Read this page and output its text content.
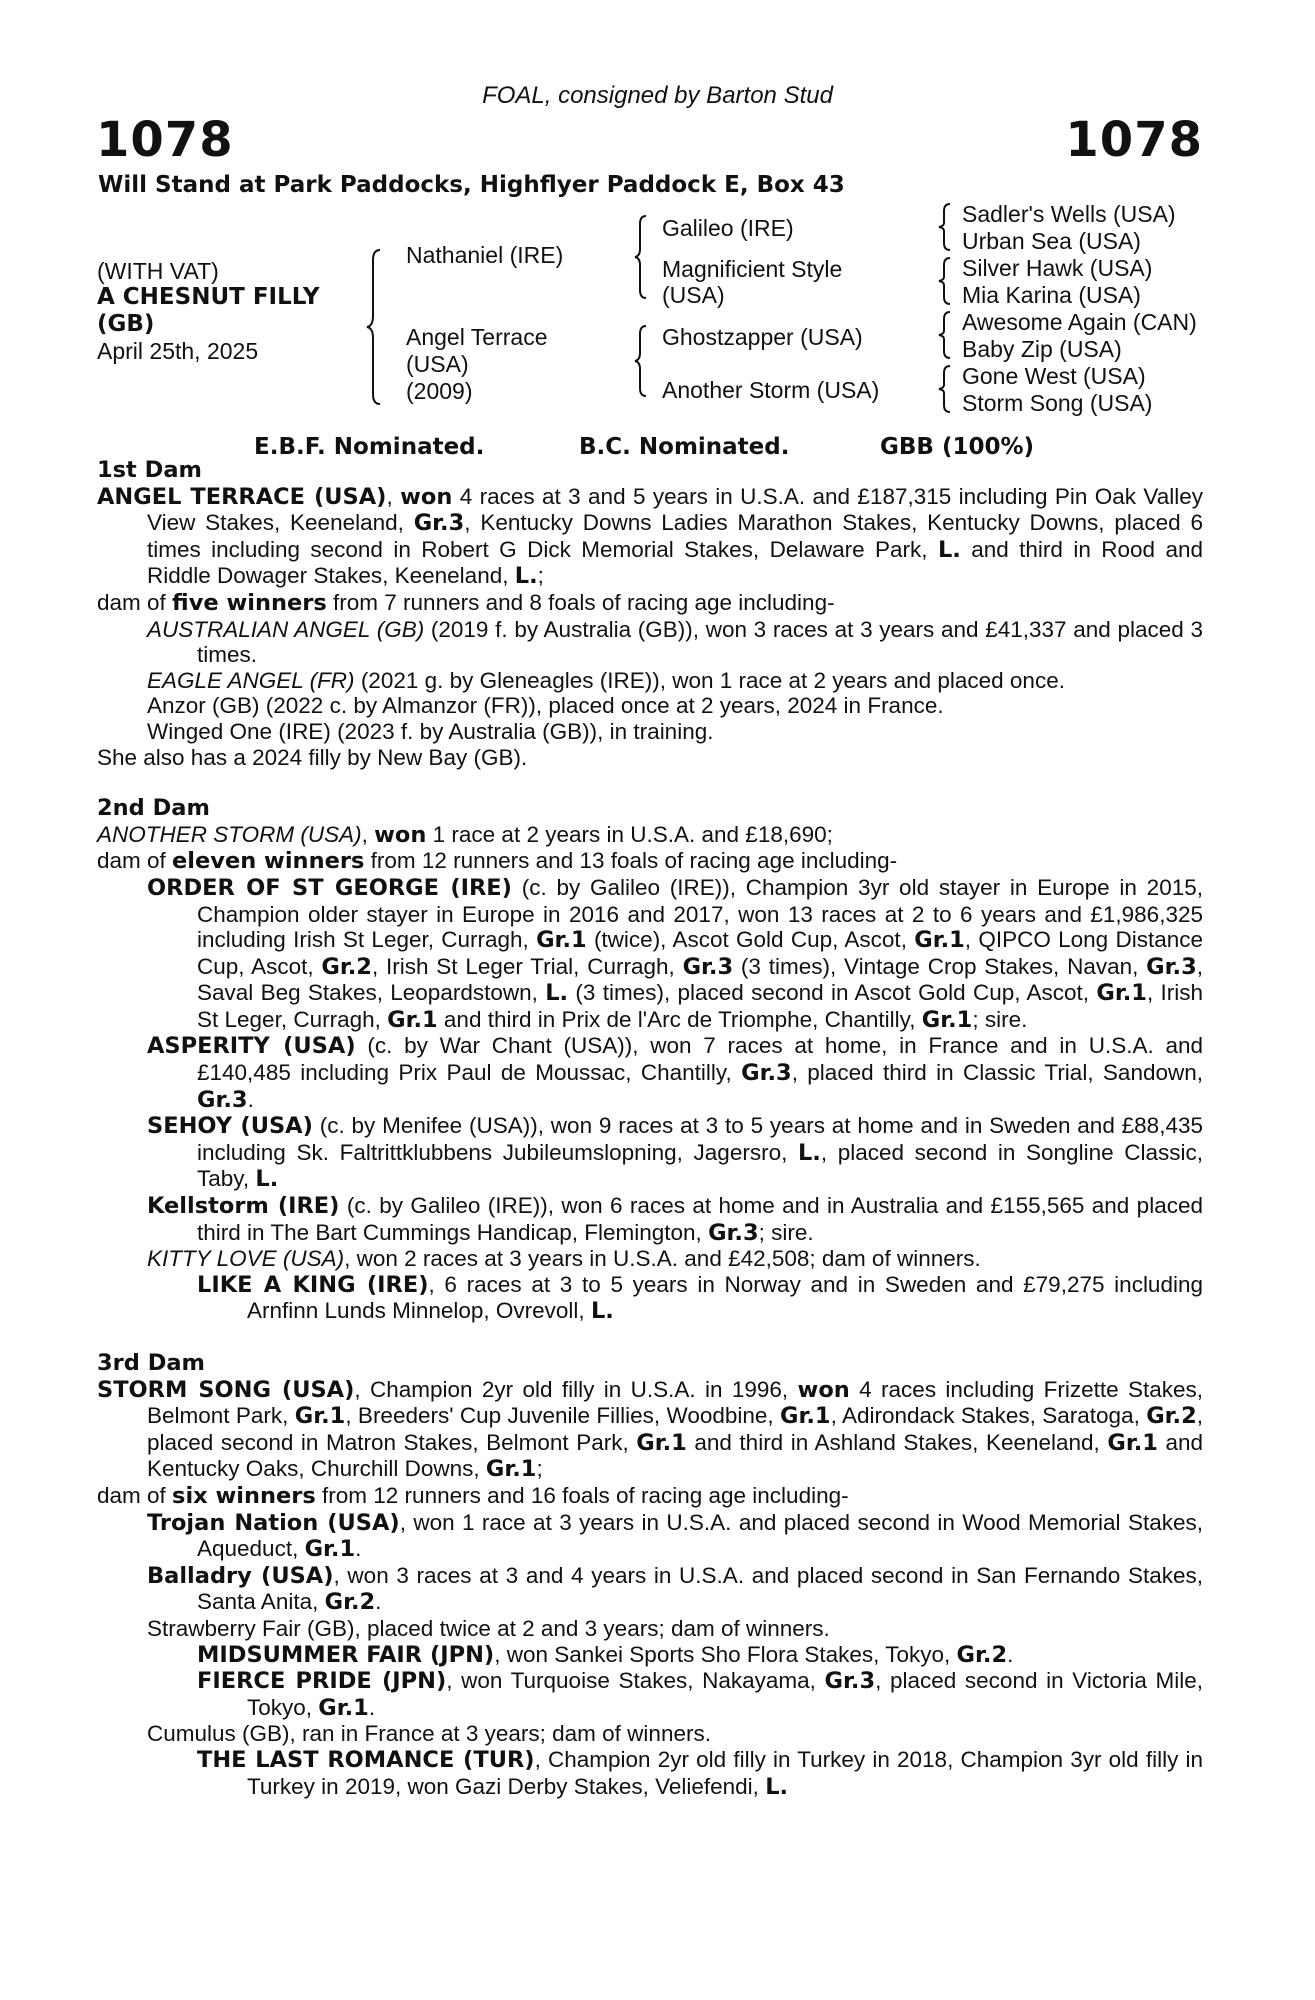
1078	1078
FOAL, consigned by Barton Stud
Will Stand at Park Paddocks, Highflyer Paddock E, Box 43
(WITH VAT)
A CHESNUT FILLY
(GB)
April 25th, 2025
Nathaniel (IRE)
Angel Terrace
(USA)
(2009)
Galileo (IRE)
Magnificient Style
(USA)
Ghostzapper (USA)
Another Storm (USA)
Sadler's Wells (USA)
Urban Sea (USA)
Silver Hawk (USA)
Mia Karina (USA)
Awesome Again (CAN)
Baby Zip (USA)
Gone West (USA)
Storm Song (USA)
E.B.F. Nominated.	B.C. Nominated.	GBB (100%)
1st Dam
ANGEL TERRACE (USA), won 4 races at 3 and 5 years in U.S.A. and £187,315 including Pin Oak Valley View Stakes, Keeneland, Gr.3, Kentucky Downs Ladies Marathon Stakes, Kentucky Downs, placed 6 times including second in Robert G Dick Memorial Stakes, Delaware Park, L. and third in Rood and Riddle Dowager Stakes, Keeneland, L.;
dam of five winners from 7 runners and 8 foals of racing age including-
AUSTRALIAN ANGEL (GB) (2019 f. by Australia (GB)), won 3 races at 3 years and £41,337 and placed 3 times.
EAGLE ANGEL (FR) (2021 g. by Gleneagles (IRE)), won 1 race at 2 years and placed once.
Anzor (GB) (2022 c. by Almanzor (FR)), placed once at 2 years, 2024 in France.
Winged One (IRE) (2023 f. by Australia (GB)), in training.
She also has a 2024 filly by New Bay (GB).
2nd Dam
ANOTHER STORM (USA), won 1 race at 2 years in U.S.A. and £18,690;
dam of eleven winners from 12 runners and 13 foals of racing age including-
ORDER OF ST GEORGE (IRE) (c. by Galileo (IRE)), Champion 3yr old stayer in Europe in 2015, Champion older stayer in Europe in 2016 and 2017, won 13 races at 2 to 6 years and £1,986,325 including Irish St Leger, Curragh, Gr.1 (twice), Ascot Gold Cup, Ascot, Gr.1, QIPCO Long Distance Cup, Ascot, Gr.2, Irish St Leger Trial, Curragh, Gr.3 (3 times), Vintage Crop Stakes, Navan, Gr.3, Saval Beg Stakes, Leopardstown, L. (3 times), placed second in Ascot Gold Cup, Ascot, Gr.1, Irish St Leger, Curragh, Gr.1 and third in Prix de l'Arc de Triomphe, Chantilly, Gr.1; sire.
ASPERITY (USA) (c. by War Chant (USA)), won 7 races at home, in France and in U.S.A. and £140,485 including Prix Paul de Moussac, Chantilly, Gr.3, placed third in Classic Trial, Sandown, Gr.3.
SEHOY (USA) (c. by Menifee (USA)), won 9 races at 3 to 5 years at home and in Sweden and £88,435 including Sk. Faltrittklubbens Jubileumslopning, Jagersro, L., placed second in Songline Classic, Taby, L.
Kellstorm (IRE) (c. by Galileo (IRE)), won 6 races at home and in Australia and £155,565 and placed third in The Bart Cummings Handicap, Flemington, Gr.3; sire.
KITTY LOVE (USA), won 2 races at 3 years in U.S.A. and £42,508; dam of winners.
LIKE A KING (IRE), 6 races at 3 to 5 years in Norway and in Sweden and £79,275 including Arnfinn Lunds Minnelop, Ovrevoll, L.
3rd Dam
STORM SONG (USA), Champion 2yr old filly in U.S.A. in 1996, won 4 races including Frizette Stakes, Belmont Park, Gr.1, Breeders' Cup Juvenile Fillies, Woodbine, Gr.1, Adirondack Stakes, Saratoga, Gr.2, placed second in Matron Stakes, Belmont Park, Gr.1 and third in Ashland Stakes, Keeneland, Gr.1 and Kentucky Oaks, Churchill Downs, Gr.1;
dam of six winners from 12 runners and 16 foals of racing age including-
Trojan Nation (USA), won 1 race at 3 years in U.S.A. and placed second in Wood Memorial Stakes, Aqueduct, Gr.1.
Balladry (USA), won 3 races at 3 and 4 years in U.S.A. and placed second in San Fernando Stakes, Santa Anita, Gr.2.
Strawberry Fair (GB), placed twice at 2 and 3 years; dam of winners.
MIDSUMMER FAIR (JPN), won Sankei Sports Sho Flora Stakes, Tokyo, Gr.2.
FIERCE PRIDE (JPN), won Turquoise Stakes, Nakayama, Gr.3, placed second in Victoria Mile, Tokyo, Gr.1.
Cumulus (GB), ran in France at 3 years; dam of winners.
THE LAST ROMANCE (TUR), Champion 2yr old filly in Turkey in 2018, Champion 3yr old filly in Turkey in 2019, won Gazi Derby Stakes, Veliefendi, L.
